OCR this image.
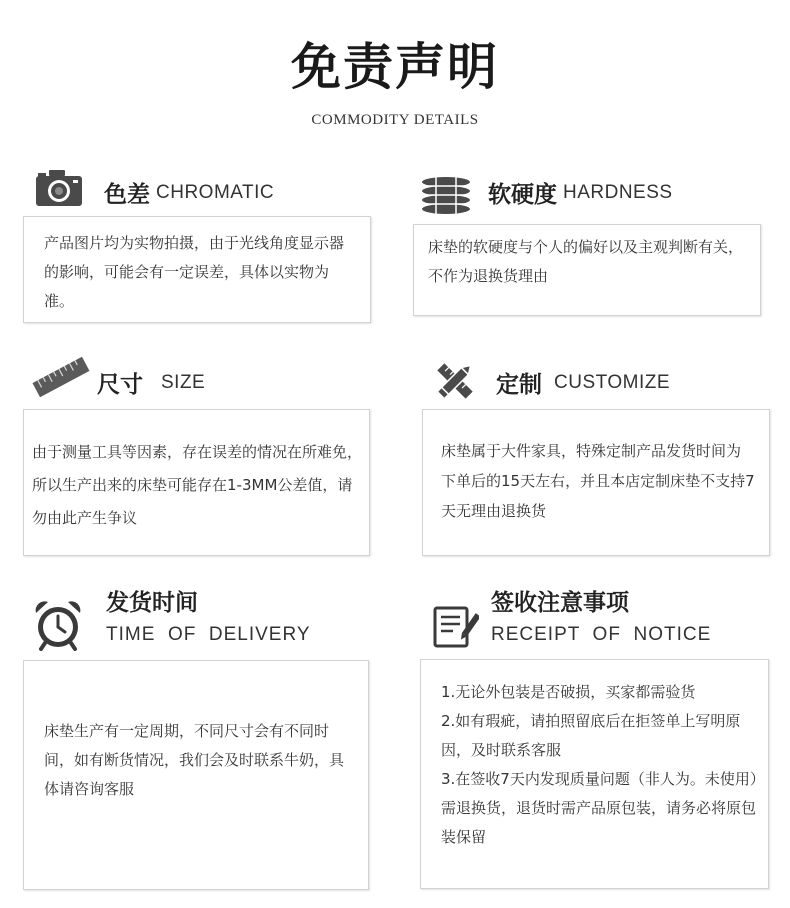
免责声明
COMMODITY DETAILS
色差 CHROMATIC

产品图片均为实物拍摄，由于光线角度显示器的影响，可能会有一定误差，具体以实物为准。

软硬度 HARDNESS

床垫的软硬度与个人的偏好以及主观判断有关，不作为退换货理由

尺寸 SIZE

由于测量工具等因素，存在误差的情况在所难免，所以生产出来的床垫可能存在1-3MM公差值，请勿由此产生争议

定制 CUSTOMIZE

床垫属于大件家具，特殊定制产品发货时间为下单后的15天左右，并且本店定制床垫不支持7天无理由退换货

发货时间
TIME  OF  DELIVERY

床垫生产有一定周期，不同尺寸会有不同时间，如有断货情况，我们会及时联系牛奶，具体请咨询客服

签收注意事项
RECEIPT  OF  NOTICE

1.无论外包装是否破损，买家都需验货

2.如有瑕疵，请拍照留底后在拒签单上写明原因，及时联系客服

3.在签收7天内发现质量问题（非人为。未使用）需退换货，退货时需产品原包装，请务必将原包装保留
